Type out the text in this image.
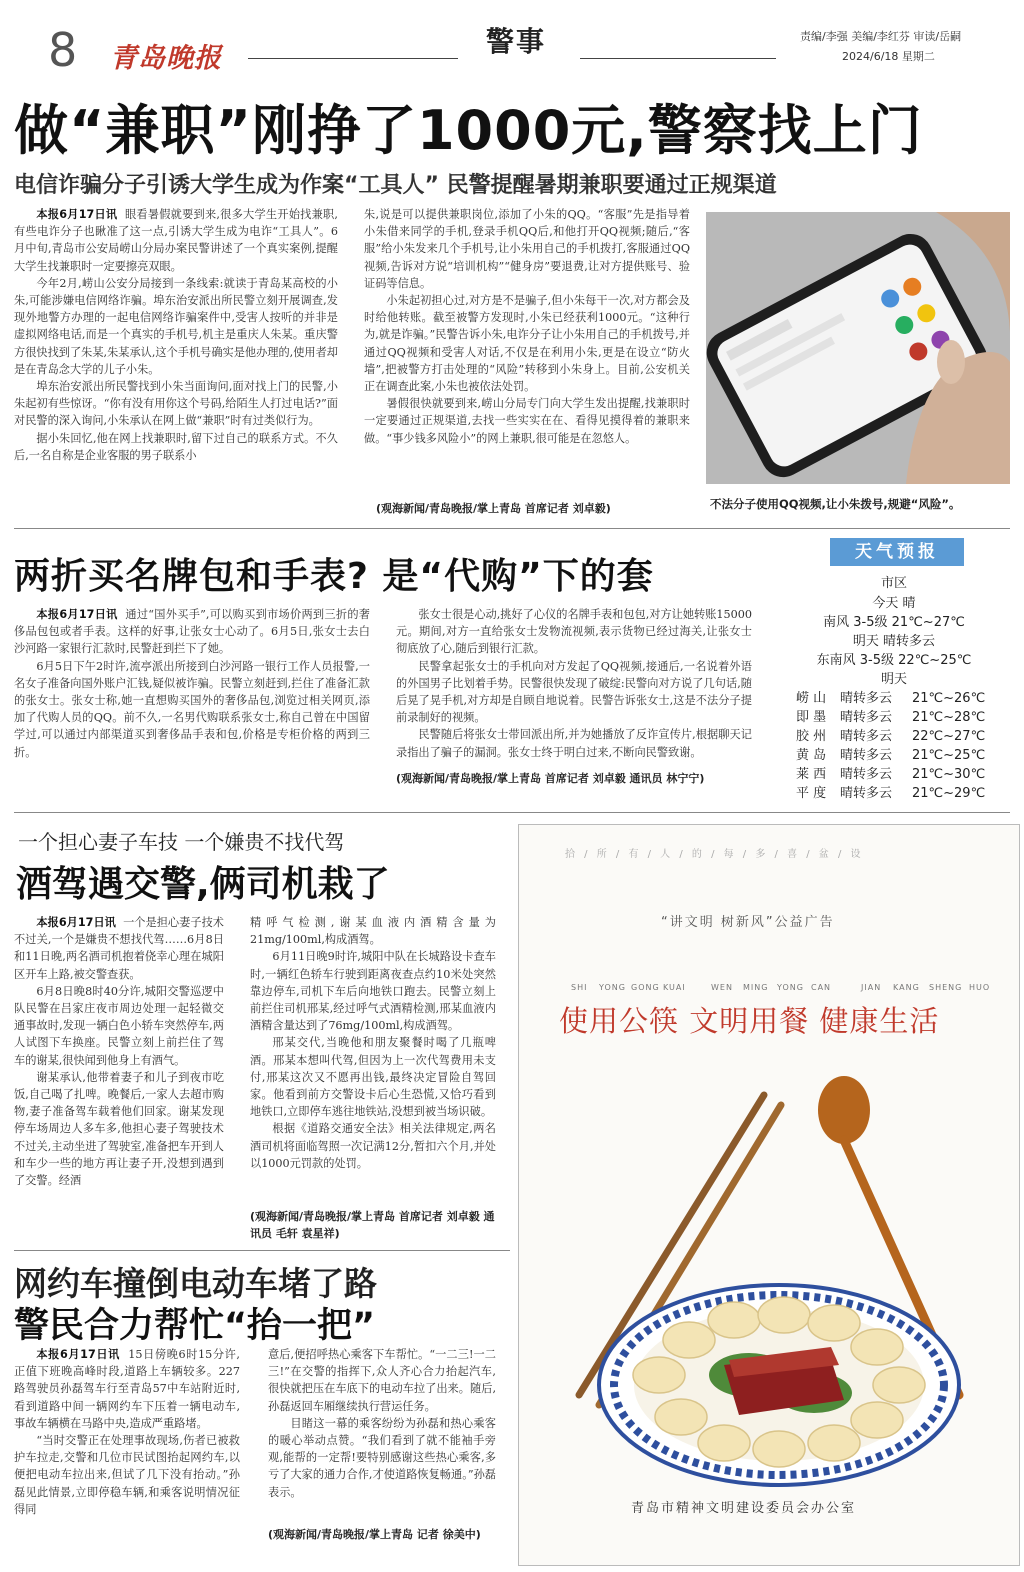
8 青岛晚报
警事	责编/李强 美编/李红芬 审读/岳嗣
2024/6/18 星期二
做“兼职”刚挣了1000元,警察找上门
电信诈骗分子引诱大学生成为作案“工具人” 民警提醒暑期兼职要通过正规渠道

本报6月17日讯 眼看暑假就要到来,很多大学生开始找兼职,有些电诈分子也瞅准了这一点,引诱大学生成为电诈“工具人”。6月中旬,青岛市公安局崂山分局办案民警讲述了一个真实案例,提醒大学生找兼职时一定要擦亮双眼。

今年2月,崂山公安分局接到一条线索:就读于青岛某高校的小朱,可能涉嫌电信网络诈骗。埠东治安派出所民警立刻开展调查,发现外地警方办理的一起电信网络诈骗案件中,受害人按听的并非是虚拟网络电话,而是一个真实的手机号,机主是重庆人朱某。重庆警方很快找到了朱某,朱某承认,这个手机号确实是他办理的,使用者却是在青岛念大学的儿子小朱。

埠东治安派出所民警找到小朱当面询问,面对找上门的民警,小朱起初有些惊讶。“你有没有用你这个号码,给陌生人打过电话?”面对民警的深入询问,小朱承认在网上做“兼职”时有过类似行为。

据小朱回忆,他在网上找兼职时,留下过自己的联系方式。不久后,一名自称是企业客服的男子联系小

朱,说是可以提供兼职岗位,添加了小朱的QQ。“客服”先是指导着小朱借来同学的手机,登录手机QQ后,和他打开QQ视频;随后,“客服”给小朱发来几个手机号,让小朱用自己的手机拨打,客服通过QQ视频,告诉对方说“培训机构”“健身房”要退费,让对方提供账号、验证码等信息。

小朱起初担心过,对方是不是骗子,但小朱每干一次,对方都会及时给他转账。截至被警方发现时,小朱已经获利1000元。“这种行为,就是诈骗。”民警告诉小朱,电诈分子让小朱用自己的手机拨号,并通过QQ视频和受害人对话,不仅是在利用小朱,更是在设立“防火墙”,把被警方打击处理的“风险”转移到小朱身上。目前,公安机关正在调查此案,小朱也被依法处罚。

暑假很快就要到来,崂山分局专门向大学生发出提醒,找兼职时一定要通过正规渠道,去找一些实实在在、看得见摸得着的兼职来做。“事少钱多风险小”的网上兼职,很可能是在忽悠人。

(观海新闻/青岛晚报/掌上青岛 首席记者 刘卓毅)	不法分子使用QQ视频,让小朱拨号,规避“风险”。
两折买名牌包和手表? 是“代购”下的套

本报6月17日讯 通过“国外买手”,可以购买到市场价两到三折的奢侈品包包或者手表。这样的好事,让张女士心动了。6月5日,张女士去白沙河路一家银行汇款时,民警赶到拦下了她。

6月5日下午2时许,流亭派出所接到白沙河路一银行工作人员报警,一名女子准备向国外账户汇钱,疑似被诈骗。民警立刻赶到,拦住了准备汇款的张女士。张女士称,她一直想购买国外的奢侈品包,浏览过相关网页,添加了代购人员的QQ。前不久,一名男代购联系张女士,称自己曾在中国留学过,可以通过内部渠道买到奢侈品手表和包,价格是专柜价格的两到三折。

张女士很是心动,挑好了心仪的名牌手表和包包,对方让她转账15000元。期间,对方一直给张女士发物流视频,表示货物已经过海关,让张女士彻底放了心,随后到银行汇款。

民警拿起张女士的手机向对方发起了QQ视频,接通后,一名说着外语的外国男子比划着手势。民警很快发现了破绽:民警向对方说了几句话,随后晃了晃手机,对方却是自顾自地说着。民警告诉张女士,这是不法分子提前录制好的视频。

民警随后将张女士带回派出所,并为她播放了反诈宣传片,根据聊天记录指出了骗子的漏洞。张女士终于明白过来,不断向民警致谢。

(观海新闻/青岛晚报/掌上青岛 首席记者 刘卓毅 通讯员 林宁宁)
天气预报
市区
今天 晴
南风 3-5级 21℃~27℃
明天 晴转多云
东南风 3-5级 22℃~25℃
明天
崂 山 晴转多云 21℃~26℃
即 墨 晴转多云 21℃~28℃
胶 州 晴转多云 22℃~27℃
黄 岛 晴转多云 21℃~25℃
莱 西 晴转多云 21℃~30℃
平 度 晴转多云 21℃~29℃
一个担心妻子车技 一个嫌贵不找代驾
酒驾遇交警,俩司机栽了

本报6月17日讯 一个是担心妻子技术不过关,一个是嫌贵不想找代驾……6月8日和11日晚,两名酒司机抱着侥幸心理在城阳区开车上路,被交警查获。

6月8日晚8时40分许,城阳交警巡逻中队民警在吕家庄夜市周边处理一起轻微交通事故时,发现一辆白色小轿车突然停车,两人试图下车换座。民警立刻上前拦住了驾车的谢某,很快闻到他身上有酒气。

谢某承认,他带着妻子和儿子到夜市吃饭,自己喝了扎啤。晚餐后,一家人去超市购物,妻子准备驾车载着他们回家。谢某发现停车场周边人多车多,他担心妻子驾驶技术不过关,主动坐进了驾驶室,准备把车开到人和车少一些的地方再让妻子开,没想到遇到了交警。经酒

精呼气检测,谢某血液内酒精含量为21mg/100ml,构成酒驾。

6月11日晚9时许,城阳中队在长城路设卡查车时,一辆红色轿车行驶到距离夜查点约10米处突然靠边停车,司机下车后向地铁口跑去。民警立刻上前拦住司机邢某,经过呼气式酒精检测,邢某血液内酒精含量达到了76mg/100ml,构成酒驾。

邢某交代,当晚他和朋友聚餐时喝了几瓶啤酒。邢某本想叫代驾,但因为上一次代驾费用未支付,邢某这次又不愿再出钱,最终决定冒险自驾回家。他看到前方交警设卡后心生恐慌,又恰巧看到地铁口,立即停车逃往地铁站,没想到被当场识破。

根据《道路交通安全法》相关法律规定,两名酒司机将面临驾照一次记满12分,暂扣六个月,并处以1000元罚款的处罚。

(观海新闻/青岛晚报/掌上青岛 首席记者 刘卓毅 通讯员 毛轩 袁星祥)
网约车撞倒电动车堵了路
警民合力帮忙“抬一把”

本报6月17日讯 15日傍晚6时15分许,正值下班晚高峰时段,道路上车辆较多。227路驾驶员孙磊驾车行至青岛57中车站附近时,看到道路中间一辆网约车下压着一辆电动车,事故车辆横在马路中央,造成严重路堵。

“当时交警正在处理事故现场,伤者已被救护车拉走,交警和几位市民试图抬起网约车,以便把电动车拉出来,但试了几下没有抬动。”孙磊见此情景,立即停稳车辆,和乘客说明情况征得同

意后,便招呼热心乘客下车帮忙。“一二三!一二三!”在交警的指挥下,众人齐心合力抬起汽车,很快就把压在车底下的电动车拉了出来。随后,孙磊返回车厢继续执行营运任务。

目睹这一幕的乘客纷纷为孙磊和热心乘客的暖心举动点赞。“我们看到了就不能袖手旁观,能帮的一定帮!要特别感谢这些热心乘客,多亏了大家的通力合作,才使道路恢复畅通。”孙磊表示。

(观海新闻/青岛晚报/掌上青岛 记者 徐美中)
拾 / 所 / 有 / 人 / 的 / 每 / 多 / 喜 / 盆 / 设
“讲文明 树新风”公益广告
SHI YONG GONG KUAI	WEN MING YONG CAN	JIAN KANG SHENG HUO
使用公筷 文明用餐 健康生活
青岛市精神文明建设委员会办公室
